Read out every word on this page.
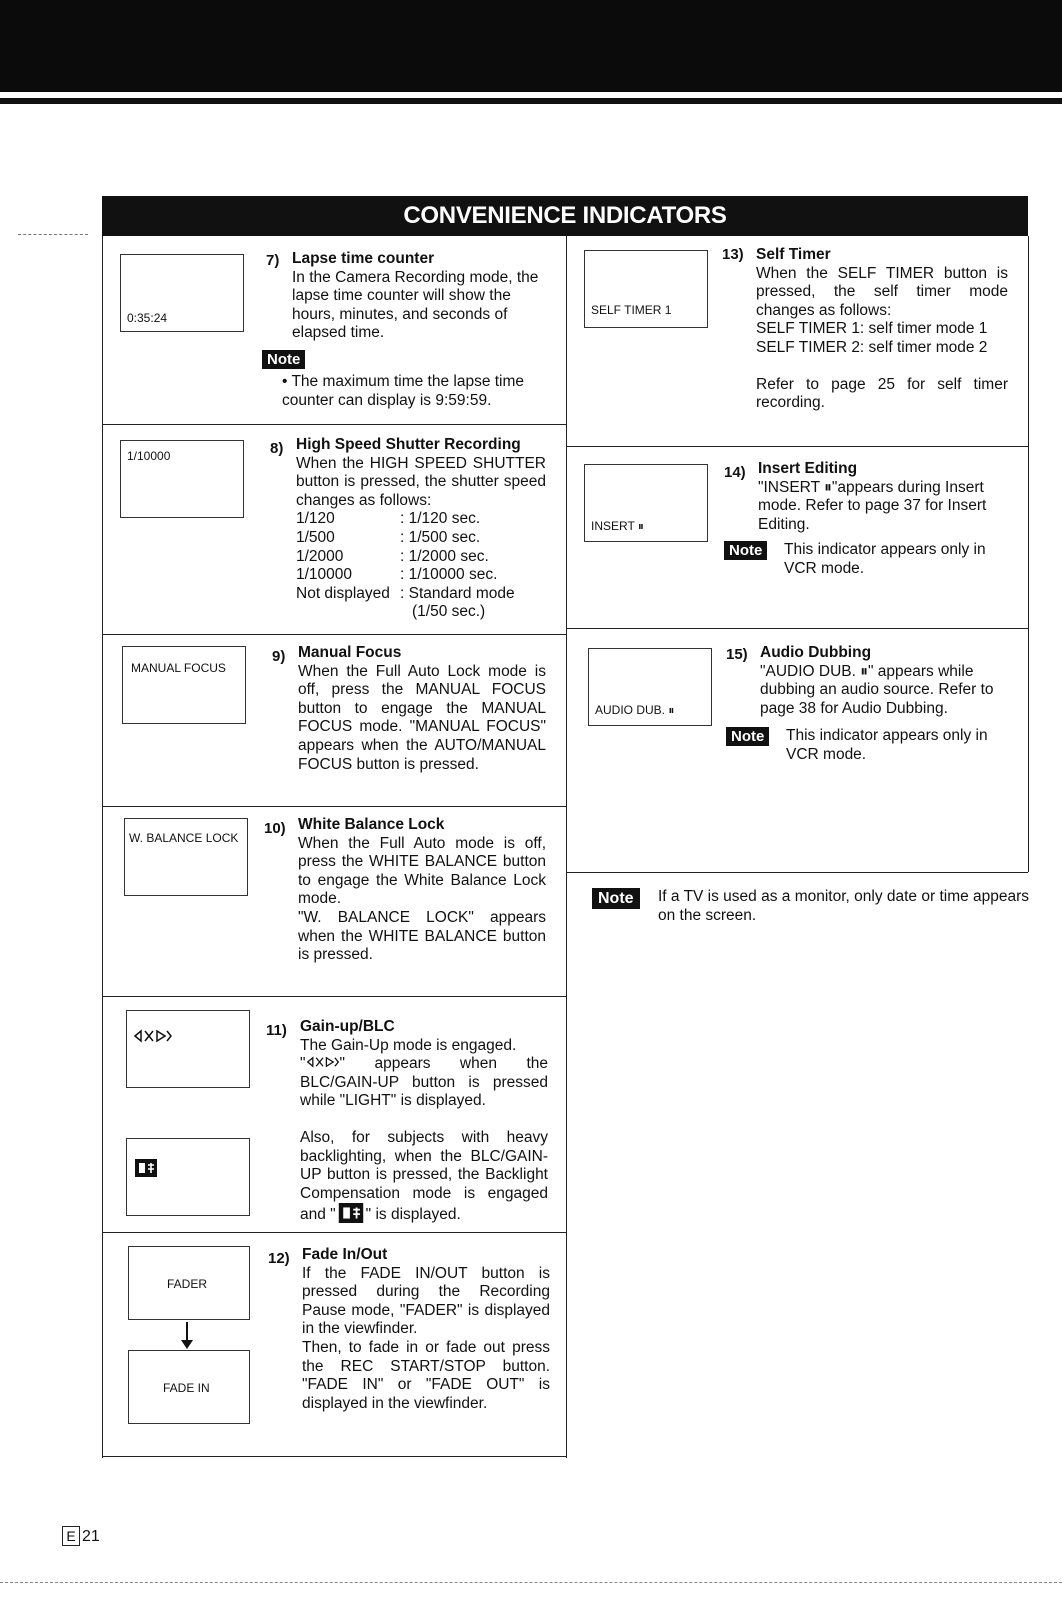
CONVENIENCE INDICATORS
0:35:24
7) Lapse time counter

In the Camera Recording mode, the lapse time counter will show the hours, minutes, and seconds of elapsed time.

Note
• The maximum time the lapse time counter can display is 9:59:59.
1/10000	8) High Speed Shutter Recording

When the HIGH SPEED SHUTTER button is pressed, the shutter speed changes as follows:

1/120	: 1/120 sec.
1/500	: 1/500 sec.
1/2000	: 1/2000 sec.
1/10000	: 1/10000 sec.
Not displayed : Standard mode
(1/50 sec.)
MANUAL FOCUS
9) Manual Focus

When the Full Auto Lock mode is off, press the MANUAL FOCUS button to engage the MANUAL FOCUS mode. "MANUAL FOCUS" appears when the AUTO/MANUAL FOCUS button is pressed.

W. BALANCE LOCK
10) White Balance Lock

When the Full Auto mode is off, press the WHITE BALANCE button to engage the White Balance Lock mode.

"W. BALANCE LOCK" appears when the WHITE BALANCE button is pressed.

11) Gain-up/BLC

The Gain-Up mode is engaged.

" " appears when the BLC/GAIN-UP button is pressed while "LIGHT" is displayed.

Also, for subjects with heavy backlighting, when the BLC/GAIN-UP button is pressed, the Backlight Compensation mode is engaged and " " is displayed.

FADER
FADE IN
12) Fade In/Out

If the FADE IN/OUT button is pressed during the Recording Pause mode, "FADER" is displayed in the viewfinder.

Then, to fade in or fade out press the REC START/STOP button. "FADE IN" or "FADE OUT" is displayed in the viewfinder.

SELF TIMER 1
13) Self Timer

When the SELF TIMER button is pressed, the self timer mode changes as follows:

SELF TIMER 1: self timer mode 1

SELF TIMER 2: self timer mode 2

Refer to page 25 for self timer recording.

INSERT ⏸
14) Insert Editing

"INSERT ⏸"appears during Insert mode. Refer to page 37 for Insert Editing.

Note	This indicator appears only in VCR mode.
AUDIO DUB. ⏸
15) Audio Dubbing

"AUDIO DUB. ⏸" appears while dubbing an audio source. Refer to page 38 for Audio Dubbing.

Note	This indicator appears only in VCR mode.
Note	If a TV is used as a monitor, only date or time appears on the screen.
E 21
